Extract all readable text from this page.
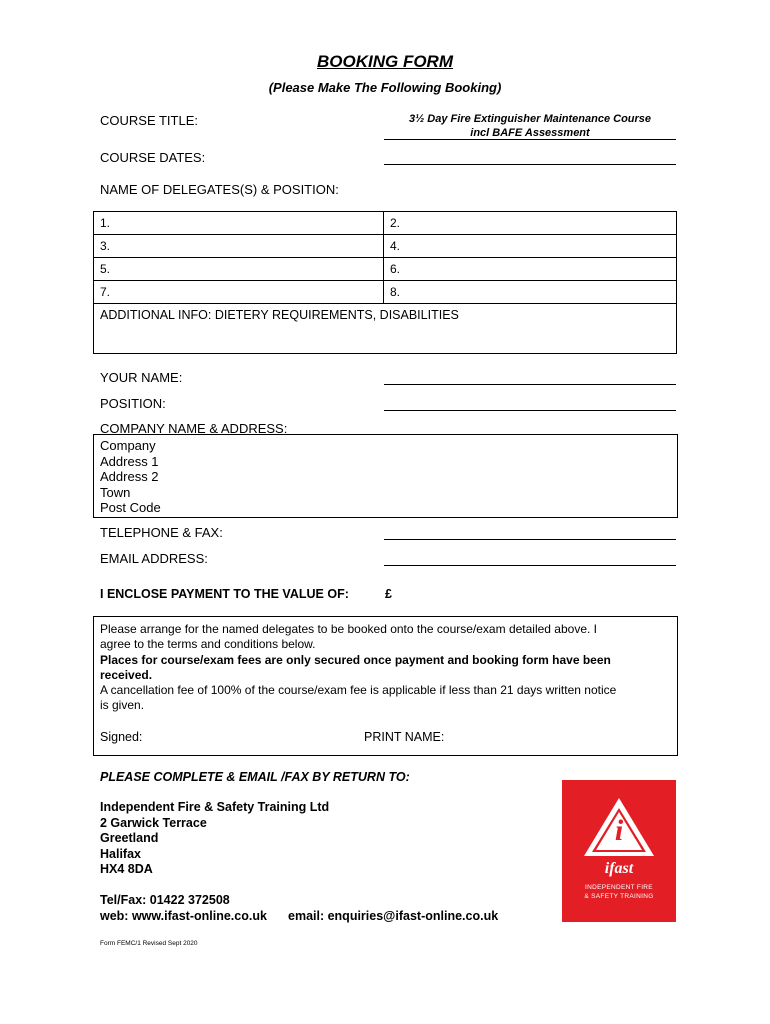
BOOKING FORM
(Please Make The Following Booking)
COURSE TITLE:	3½ Day Fire Extinguisher Maintenance Course
incl BAFE Assessment
COURSE DATES:
NAME OF DELEGATES(S) & POSITION:
1.	2.
3.	4.
5.	6.
7.	8.
ADDITIONAL INFO: DIETERY REQUIREMENTS, DISABILITIES	
YOUR NAME:
POSITION:
COMPANY NAME & ADDRESS:
Company
Address 1
Address 2
Town
Post Code
TELEPHONE & FAX:
EMAIL ADDRESS:
I ENCLOSE PAYMENT TO THE VALUE OF:	£

Please arrange for the named delegates to be booked onto the course/exam detailed above. I

agree to the terms and conditions below.

Places for course/exam fees are only secured once payment and booking form have been

received.

A cancellation fee of 100% of the course/exam fee is applicable if less than 21 days written notice

is given.

Signed:	PRINT NAME:
PLEASE COMPLETE & EMAIL /FAX BY RETURN TO:
Independent Fire & Safety Training Ltd
2 Garwick Terrace
Greetland
Halifax
HX4 8DA
Tel/Fax: 01422 372508
web: www.ifast-online.co.uk email: enquiries@ifast-online.co.uk
i
ifast
INDEPENDENT FIRE
& SAFETY TRAINING
Form FEMC/1 Revised Sept 2020
